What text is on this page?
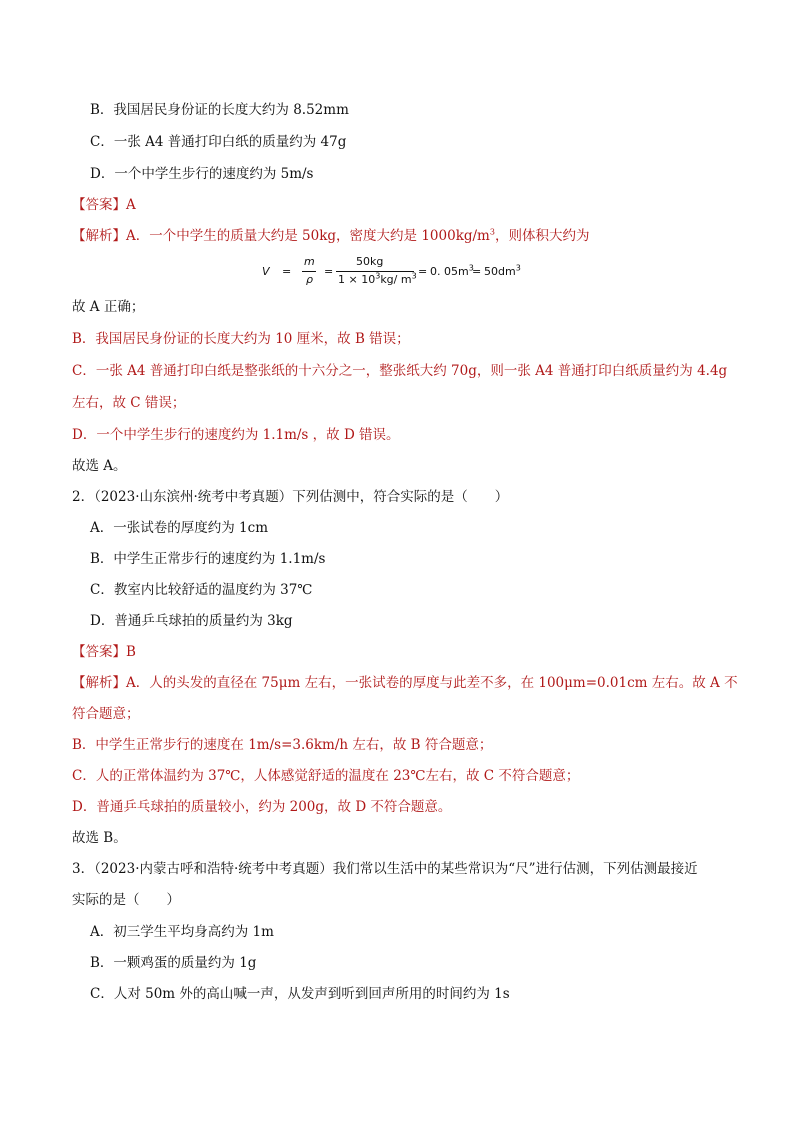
B．我国居民身份证的长度大约为 8.52mm
C．一张 A4 普通打印白纸的质量约为 47g
D．一个中学生步行的速度约为 5m/s
【答案】A
【解析】A．一个中学生的质量大约是 50kg，密度大约是 $1000kg/m^3$，则体积大约为
V =
m
ρ
=
50kg
$1 \times 10^3kg/$ $m^3 = 0$. $05m^3$
= $50dm^3$
故 A 正确；
B．我国居民身份证的长度大约为 10 厘米，故 B 错误；
C．一张 A4 普通打印白纸是整张纸的十六分之一，整张纸大约 70g，则一张 A4 普通打印白纸质量约为 4.4g
左右，故 C 错误；
D．一个中学生步行的速度约为 1.1m/s ，故 D 错误。
故选 A。
2．（2023·山东滨州·统考中考真题）下列估测中，符合实际的是（　　）
A．一张试卷的厚度约为 1cm
B．中学生正常步行的速度约为 1.1m/s
C．教室内比较舒适的温度约为 37℃
D．普通乒乓球拍的质量约为 3kg
【答案】B
【解析】A．人的头发的直径在 75μm 左右，一张试卷的厚度与此差不多，在 100μm=0.01cm 左右。故 A 不
符合题意；
B．中学生正常步行的速度在 1m/s=3.6km/h 左右，故 B 符合题意；
C．人的正常体温约为 37℃，人体感觉舒适的温度在 23℃左右，故 C 不符合题意；
D．普通乒乓球拍的质量较小，约为 200g，故 D 不符合题意。
故选 B。
3．（2023·内蒙古呼和浩特·统考中考真题）我们常以生活中的某些常识为“尺”进行估测，下列估测最接近
实际的是（　　）
A．初三学生平均身高约为 1m
B．一颗鸡蛋的质量约为 1g
C．人对 50m 外的高山喊一声，从发声到听到回声所用的时间约为 1s
